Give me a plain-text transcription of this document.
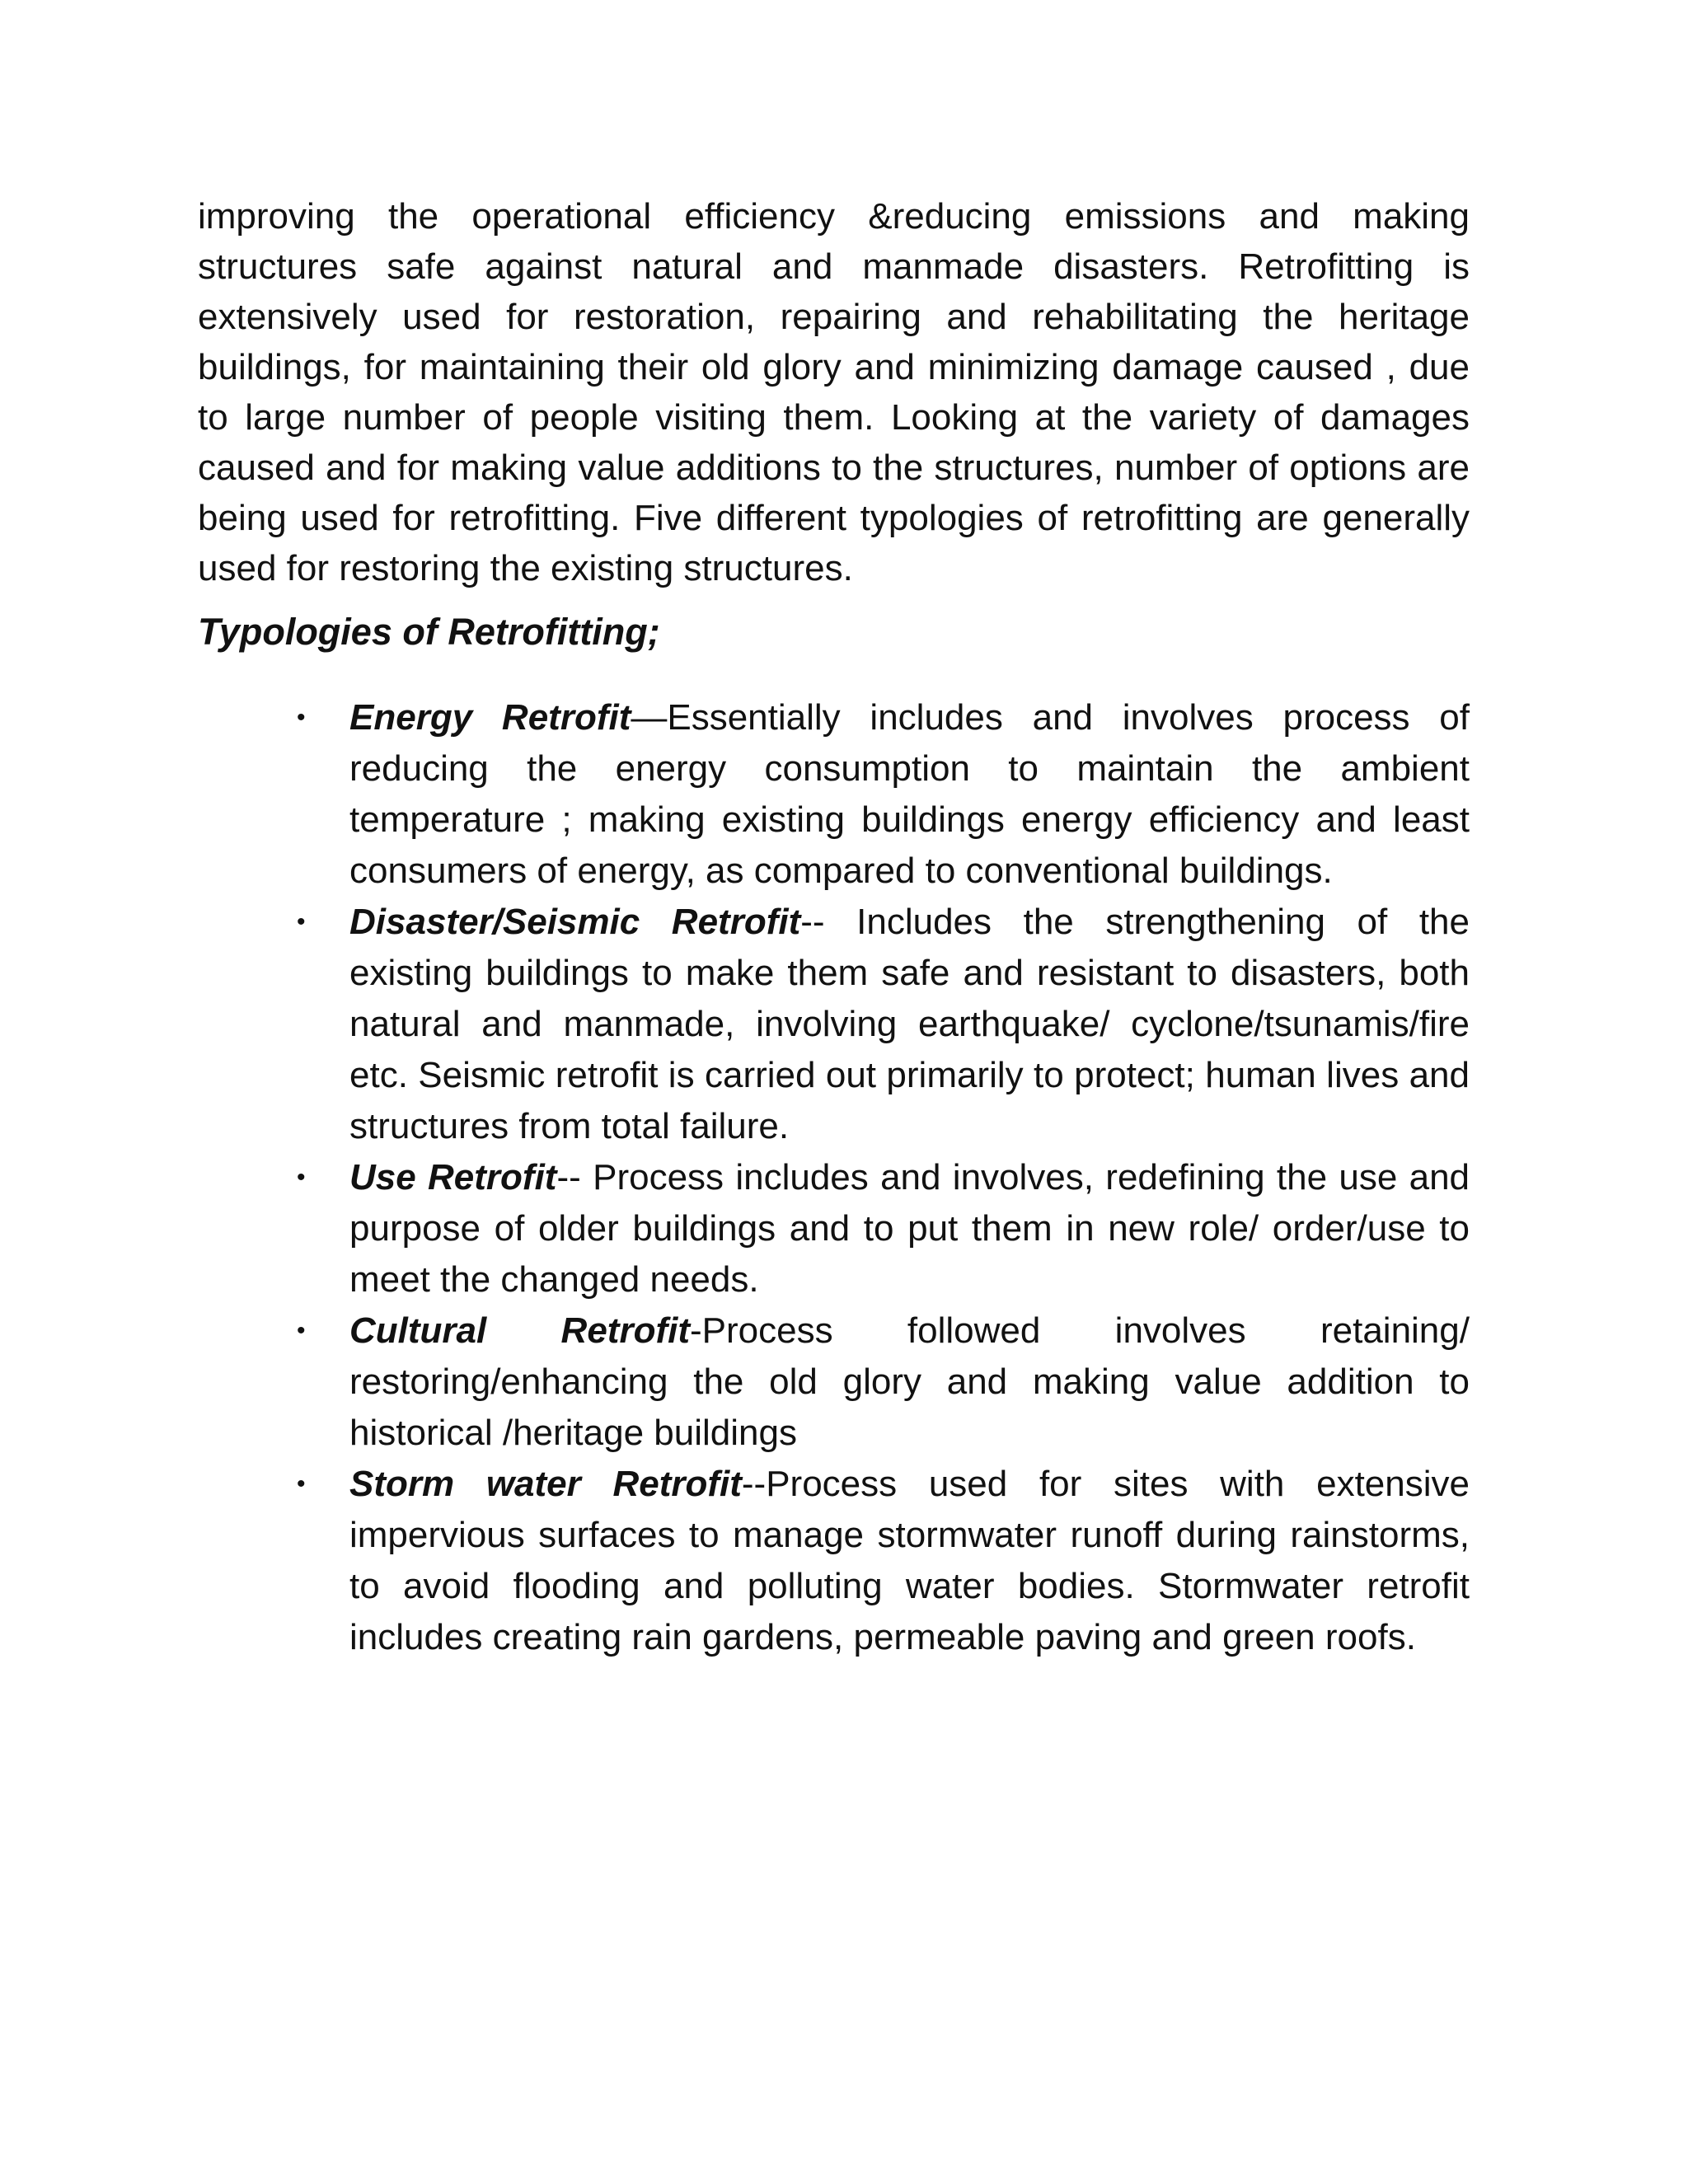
improving the operational efficiency &reducing emissions and making structures safe against natural and manmade disasters. Retrofitting is extensively used for restoration, repairing and rehabilitating the heritage buildings, for maintaining their old glory and minimizing damage caused , due to large number of people visiting them. Looking at the variety of damages caused and for making value additions to the structures, number of options are being used for retrofitting. Five different typologies of retrofitting are generally used for restoring the existing structures.

Typologies of Retrofitting;
• Energy Retrofit—Essentially includes and involves process of reducing the energy consumption to maintain the ambient temperature ; making existing buildings energy efficiency and least consumers of energy, as compared to conventional buildings.
• Disaster/Seismic Retrofit-- Includes the strengthening of the existing buildings to make them safe and resistant to disasters, both natural and manmade, involving earthquake/ cyclone/tsunamis/fire etc. Seismic retrofit is carried out primarily to protect; human lives and structures from total failure.
• Use Retrofit-- Process includes and involves, redefining the use and purpose of older buildings and to put them in new role/ order/use to meet the changed needs.
• Cultural Retrofit-Process followed involves retaining/ restoring/enhancing the old glory and making value addition to historical /heritage buildings
• Storm water Retrofit--Process used for sites with extensive impervious surfaces to manage stormwater runoff during rainstorms, to avoid flooding and polluting water bodies. Stormwater retrofit includes creating rain gardens, permeable paving and green roofs.
